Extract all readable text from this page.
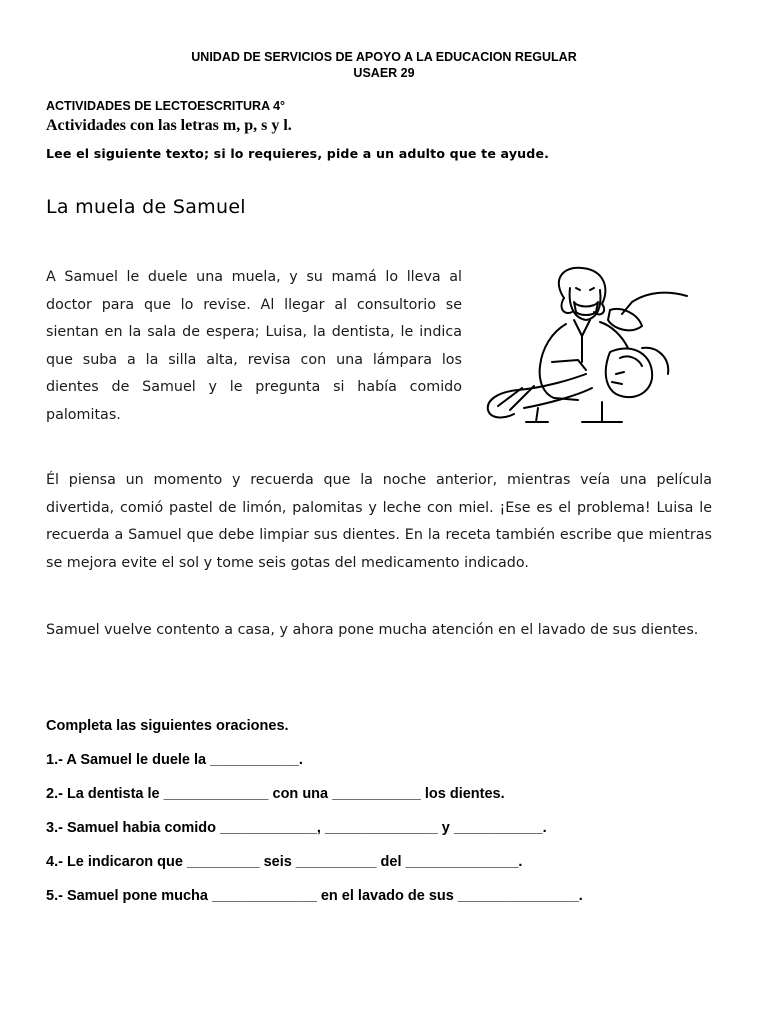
UNIDAD DE SERVICIOS DE APOYO A LA EDUCACION REGULAR
USAER 29
ACTIVIDADES DE LECTOESCRITURA 4°
Actividades con las letras m, p, s y l.
Lee el siguiente texto; si lo requieres, pide a un adulto que te ayude.
La muela de Samuel

A Samuel le duele una muela, y su mamá lo lleva al doctor para que lo revise. Al llegar al consultorio se sientan en la sala de espera; Luisa, la dentista, le indica que suba a la silla alta, revisa con una lámpara los dientes de Samuel y le pregunta si había comido palomitas.

Él piensa un momento y recuerda que la noche anterior, mientras veía una película divertida, comió pastel de limón, palomitas y leche con miel. ¡Ese es el problema! Luisa le recuerda a Samuel que debe limpiar sus dientes. En la receta también escribe que mientras se mejora evite el sol y tome seis gotas del medicamento indicado.

Samuel vuelve contento a casa, y ahora pone mucha atención en el lavado de sus dientes.

Completa las siguientes oraciones.
1.- A Samuel le duele la ___________.
2.- La dentista le _____________ con una ___________ los dientes.
3.- Samuel habia comido ____________, ______________ y ___________.
4.- Le indicaron que _________ seis __________ del ______________.
5.- Samuel pone mucha _____________ en el lavado de sus _______________.
